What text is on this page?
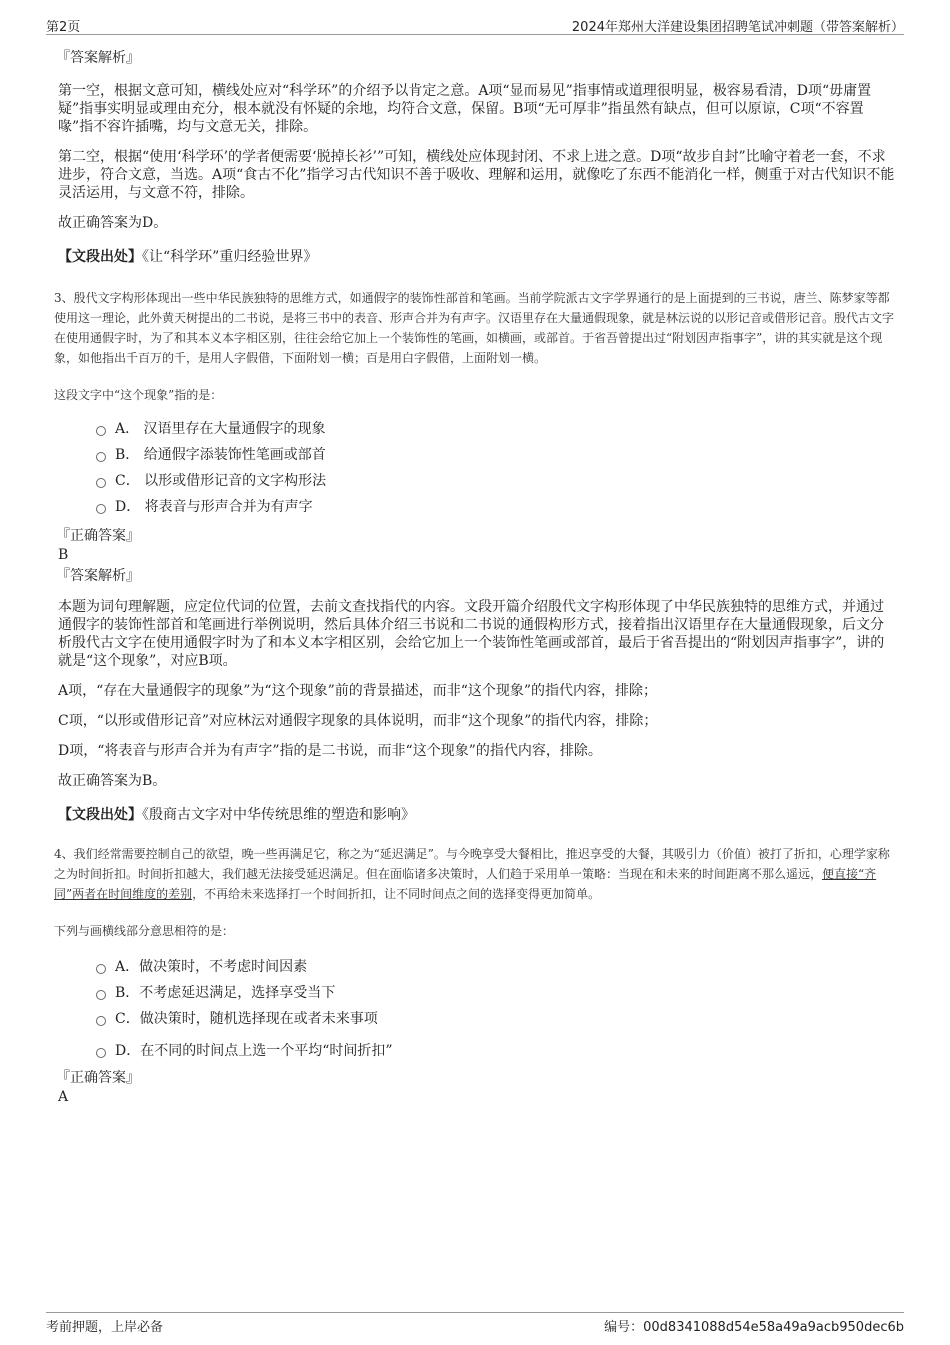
第2页	2024年郑州大洋建设集团招聘笔试冲刺题（带答案解析）

『答案解析』

第一空，根据文意可知，横线处应对“科学环”的介绍予以肯定之意。A项“显而易见”指事情或道理很明显，极容易看清，D项“毋庸置疑”指事实明显或理由充分，根本就没有怀疑的余地，均符合文意，保留。B项“无可厚非”指虽然有缺点，但可以原谅，C项“不容置喙”指不容许插嘴，均与文意无关，排除。

第二空，根据“使用‘科学环’的学者便需要‘脱掉长衫’”可知，横线处应体现封闭、不求上进之意。D项“故步自封”比喻守着老一套，不求进步，符合文意，当选。A项“食古不化”指学习古代知识不善于吸收、理解和运用，就像吃了东西不能消化一样，侧重于对古代知识不能灵活运用，与文意不符，排除。

故正确答案为D。

【文段出处】《让“科学环”重归经验世界》

3、殷代文字构形体现出一些中华民族独特的思维方式，如通假字的装饰性部首和笔画。当前学院派古文字学界通行的是上面提到的三书说，唐兰、陈梦家等都使用这一理论，此外黄天树提出的二书说，是将三书中的表音、形声合并为有声字。汉语里存在大量通假现象，就是林沄说的以形记音或借形记音。殷代古文字在使用通假字时，为了和其本义本字相区别，往往会给它加上一个装饰性的笔画，如横画，或部首。于省吾曾提出过“附划因声指事字”，讲的其实就是这个现象，如他指出千百万的千，是用人字假借，下面附划一横；百是用白字假借，上面附划一横。

这段文字中“这个现象”指的是：

A． 汉语里存在大量通假字的现象
B． 给通假字添装饰性笔画或部首
C． 以形或借形记音的文字构形法
D． 将表音与形声合并为有声字

『正确答案』

B

『答案解析』

本题为词句理解题，应定位代词的位置，去前文查找指代的内容。文段开篇介绍殷代文字构形体现了中华民族独特的思维方式，并通过通假字的装饰性部首和笔画进行举例说明，然后具体介绍三书说和二书说的通假构形方式，接着指出汉语里存在大量通假现象，后文分析殷代古文字在使用通假字时为了和本义本字相区别，会给它加上一个装饰性笔画或部首，最后于省吾提出的“附划因声指事字”，讲的就是“这个现象”，对应B项。

A项，“存在大量通假字的现象”为“这个现象”前的背景描述，而非“这个现象”的指代内容，排除；

C项，“以形或借形记音”对应林沄对通假字现象的具体说明，而非“这个现象”的指代内容，排除；

D项，“将表音与形声合并为有声字”指的是二书说，而非“这个现象”的指代内容，排除。

故正确答案为B。

【文段出处】《殷商古文字对中华传统思维的塑造和影响》

4、我们经常需要控制自己的欲望，晚一些再满足它，称之为“延迟满足”。与今晚享受大餐相比，推迟享受的大餐，其吸引力（价值）被打了折扣，心理学家称之为时间折扣。时间折扣越大，我们越无法接受延迟满足。但在面临诸多决策时，人们趋于采用单一策略：当现在和未来的时间距离不那么遥远，便直接“齐同”两者在时间维度的差别，不再给未来选择打一个时间折扣，让不同时间点之间的选择变得更加简单。

下列与画横线部分意思相符的是：

A．做决策时，不考虑时间因素
B．不考虑延迟满足，选择享受当下
C．做决策时，随机选择现在或者未来事项
D．在不同的时间点上选一个平均“时间折扣”

『正确答案』

A

考前押题，上岸必备	编号：00d8341088d54e58a49a9acb950dec6b
